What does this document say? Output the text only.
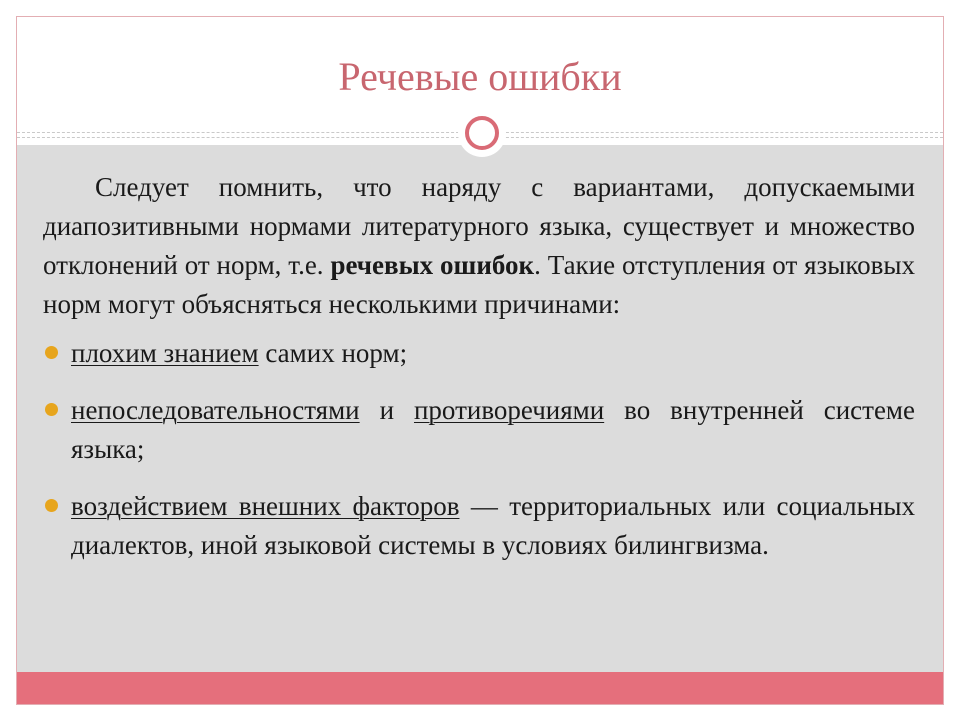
Речевые ошибки

Следует помнить, что наряду с вариантами, допускаемыми диапозитивными нормами литературного языка, существует и множество отклонений от норм, т.е. речевых ошибок. Такие отступления от языковых норм могут объясняться несколькими причинами:

плохим знанием самих норм;
непоследовательностями и противоречиями во внутренней системе языка;
воздействием внешних факторов — территориальных или социальных диалектов, иной языковой системы в условиях билингвизма.
